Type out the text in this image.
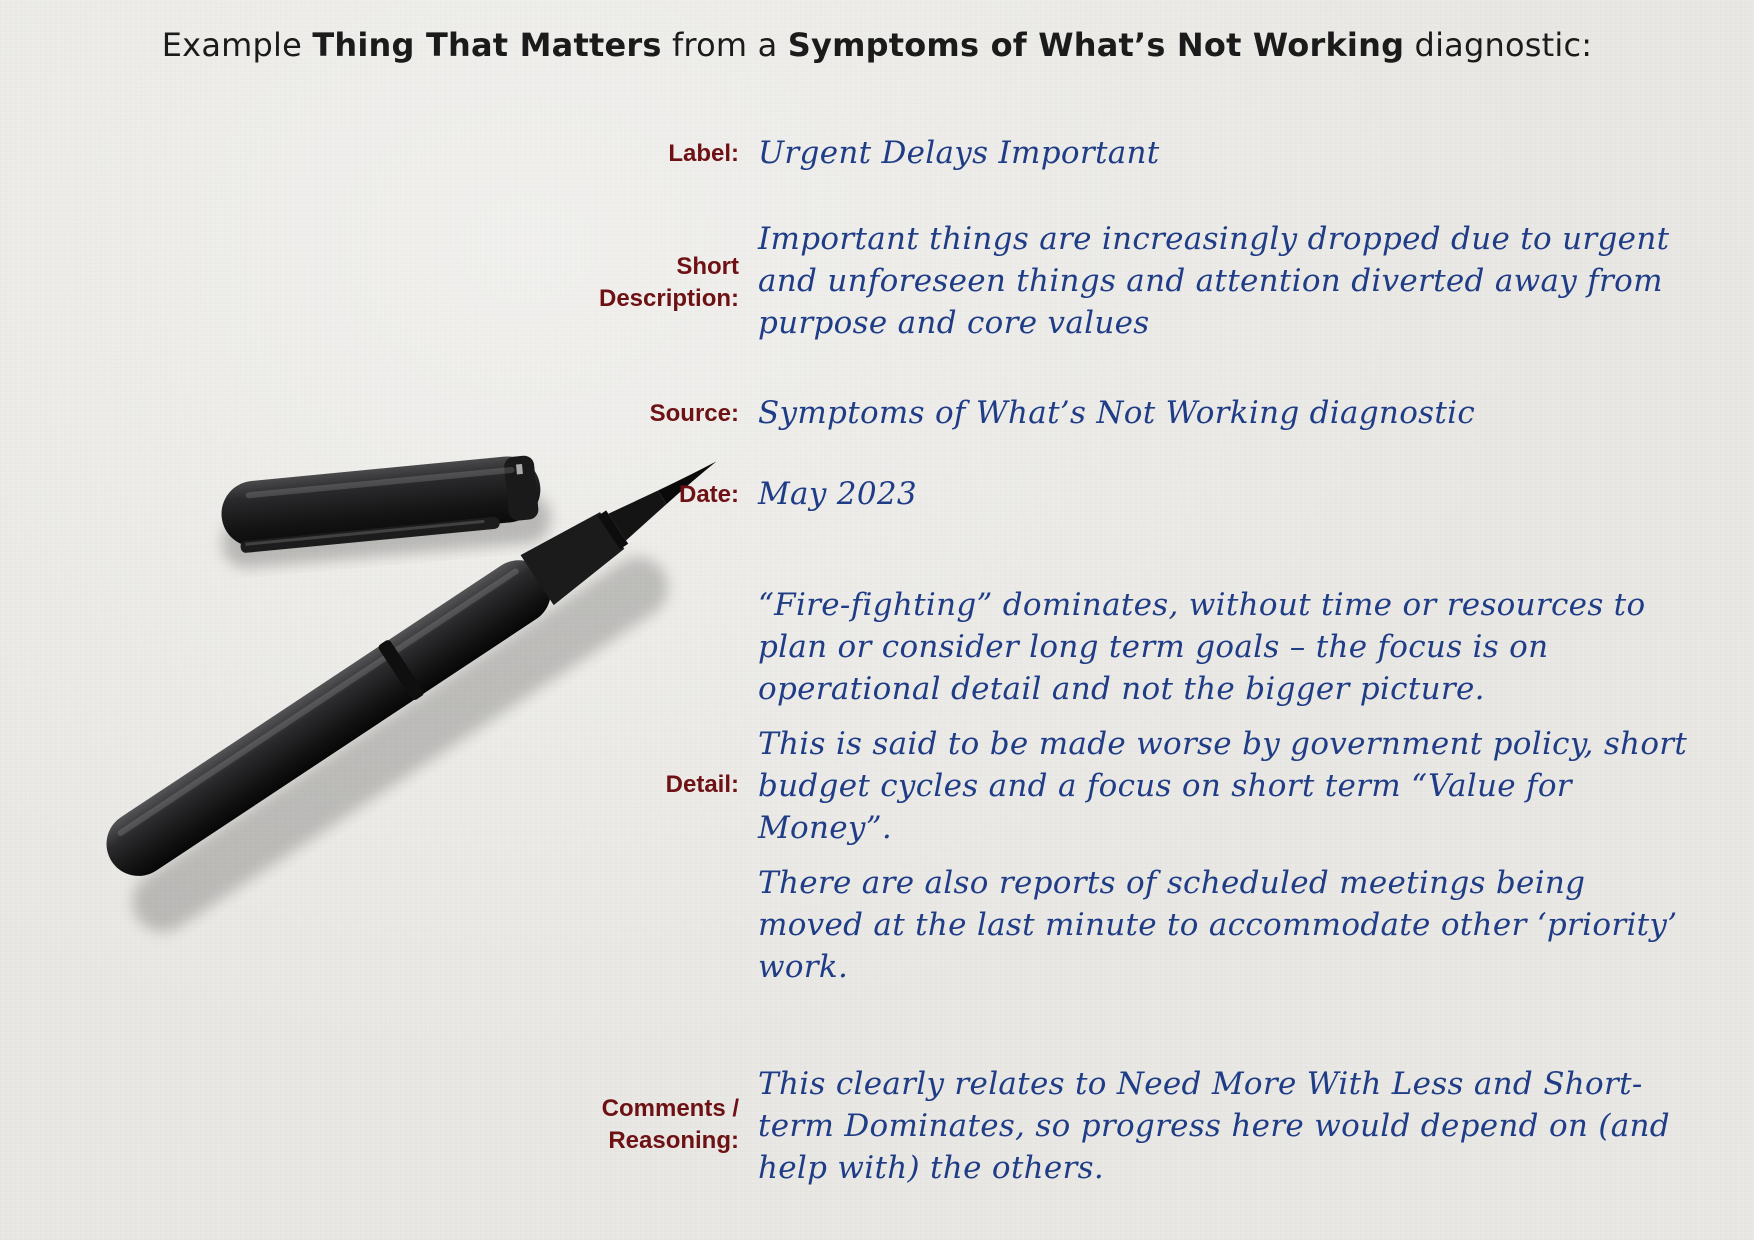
Example Thing That Matters from a Symptoms of What’s Not Working diagnostic:
Label: Urgent Delays Important
Short
Description:
Important things are increasingly dropped due to urgent and unforeseen things and attention diverted away from purpose and core values
Source: Symptoms of What’s Not Working diagnostic
Date: May 2023
Detail:

“Fire-fighting” dominates, without time or resources to plan or consider long term goals – the focus is on operational detail and not the bigger picture.

This is said to be made worse by government policy, short budget cycles and a focus on short term “Value for Money”.

There are also reports of scheduled meetings being moved at the last minute to accommodate other ‘priority’ work.

Comments /
Reasoning:
This clearly relates to Need More With Less and Short-term Dominates, so progress here would depend on (and help with) the others.
